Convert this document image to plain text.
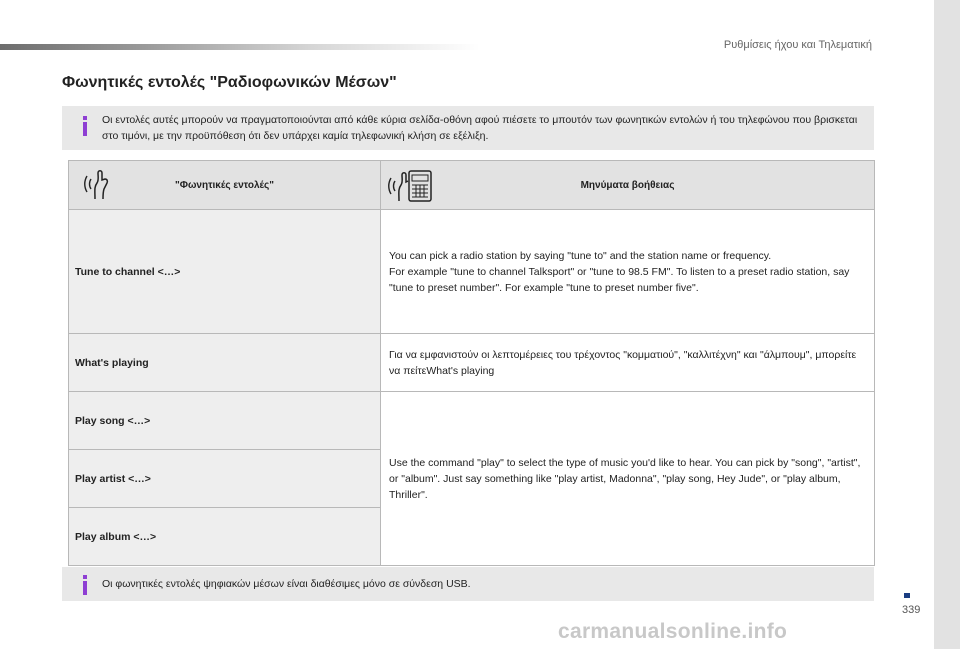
Ρυθμίσεις ήχου και Τηλεματική
Φωνητικές εντολές "Ραδιοφωνικών Μέσων"
Οι εντολές αυτές μπορούν να πραγματοποιούνται από κάθε κύρια σελίδα-οθόνη αφού πιέσετε το μπουτόν των φωνητικών εντολών ή του τηλεφώνου που βρισκεται στο τιμόνι, με την προϋπόθεση ότι δεν υπάρχει καμία τηλεφωνική κλήση σε εξέλιξη.
"Φωνητικές εντολές"	Μηνύματα βοήθειας
Tune to channel <…>	You can pick a radio station by saying "tune to" and the station name or frequency.
For example "tune to channel Talksport" or "tune to 98.5 FM". To listen to a preset radio station, say "tune to preset number". For example "tune to preset number five".

What's playing	Για να εμφανιστούν οι λεπτομέρειες του τρέχοντος "κομματιού", "καλλιτέχνη" και "άλμπουμ", μπορείτε να πείτεWhat's playing

Play song <…>	Use the command "play" to select the type of music you'd like to hear. You can pick by "song", "artist", or "album". Just say something like "play artist, Madonna", "play song, Hey Jude", or "play album, Thriller".
Play artist <…>	
Play album <…>	
Οι φωνητικές εντολές ψηφιακών μέσων είναι διαθέσιμες μόνο σε σύνδεση USB.
339
carmanualsonline.info
